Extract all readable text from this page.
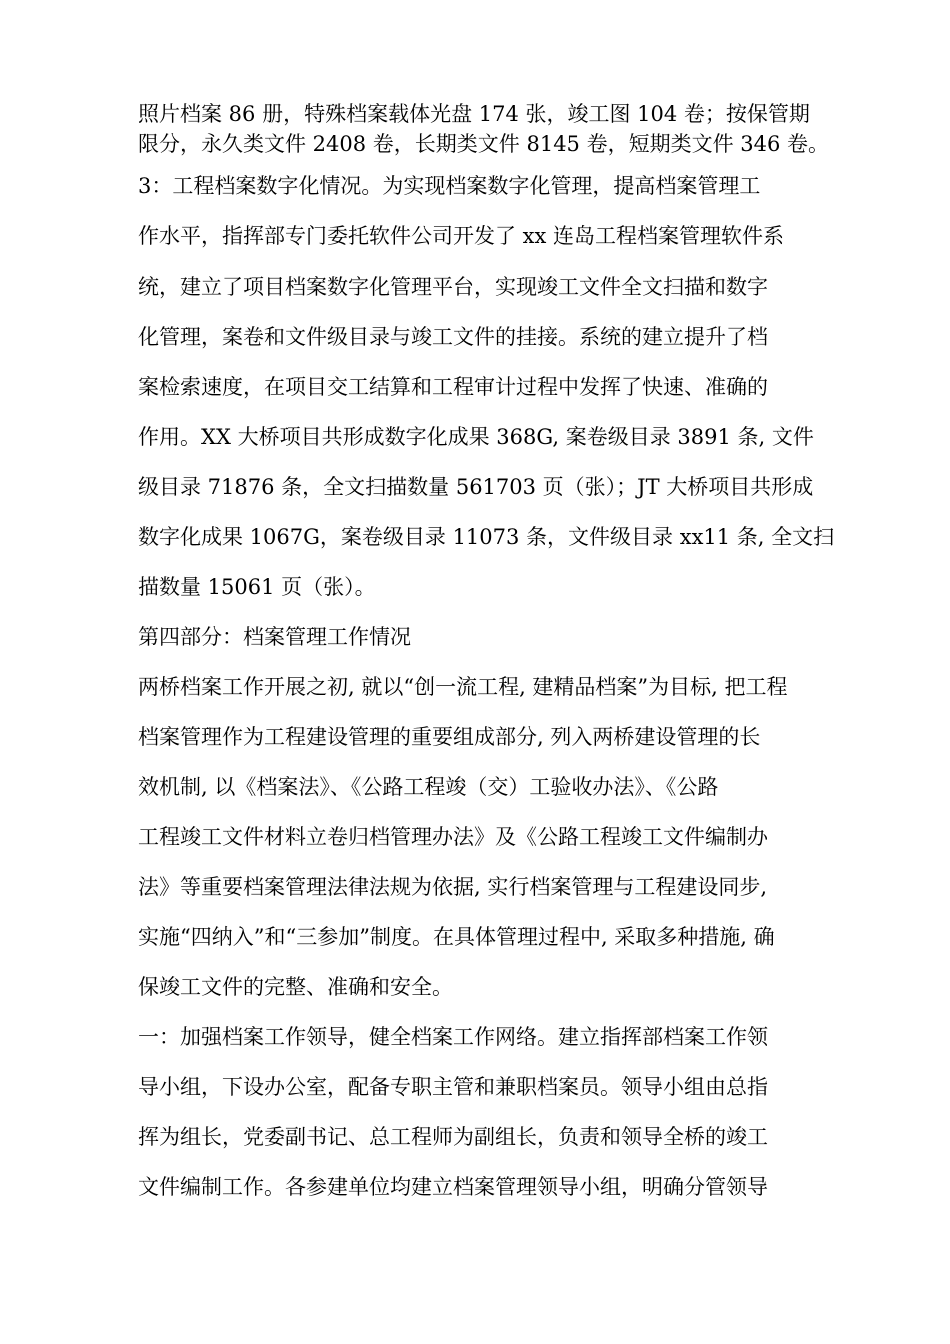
照片档案 86 册，特殊档案载体光盘 174 张，竣工图 104 卷；按保管期
限分，永久类文件 2408 卷，长期类文件 8145 卷，短期类文件 346 卷。
3：工程档案数字化情况。为实现档案数字化管理，提高档案管理工
作水平，指挥部专门委托软件公司开发了 xx 连岛工程档案管理软件系
统，建立了项目档案数字化管理平台，实现竣工文件全文扫描和数字
化管理，案卷和文件级目录与竣工文件的挂接。系统的建立提升了档
案检索速度，在项目交工结算和工程审计过程中发挥了快速、准确的
作用。XX 大桥项目共形成数字化成果 368G, 案卷级目录 3891 条, 文件
级目录 71876 条，全文扫描数量 561703 页（张）；JT 大桥项目共形成
数字化成果 1067G，案卷级目录 11073 条，文件级目录 xx11 条, 全文扫
描数量 15061 页（张）。
第四部分：档案管理工作情况
两桥档案工作开展之初, 就以“创一流工程, 建精品档案”为目标, 把工程
档案管理作为工程建设管理的重要组成部分, 列入两桥建设管理的长
效机制, 以《档案法》、《公路工程竣（交）工验收办法》、《公路
工程竣工文件材料立卷归档管理办法》及《公路工程竣工文件编制办
法》等重要档案管理法律法规为依据, 实行档案管理与工程建设同步,
实施“四纳入”和“三参加”制度。在具体管理过程中, 采取多种措施, 确
保竣工文件的完整、准确和安全。
一：加强档案工作领导，健全档案工作网络。建立指挥部档案工作领
导小组，下设办公室，配备专职主管和兼职档案员。领导小组由总指
挥为组长，党委副书记、总工程师为副组长，负责和领导全桥的竣工
文件编制工作。各参建单位均建立档案管理领导小组，明确分管领导
